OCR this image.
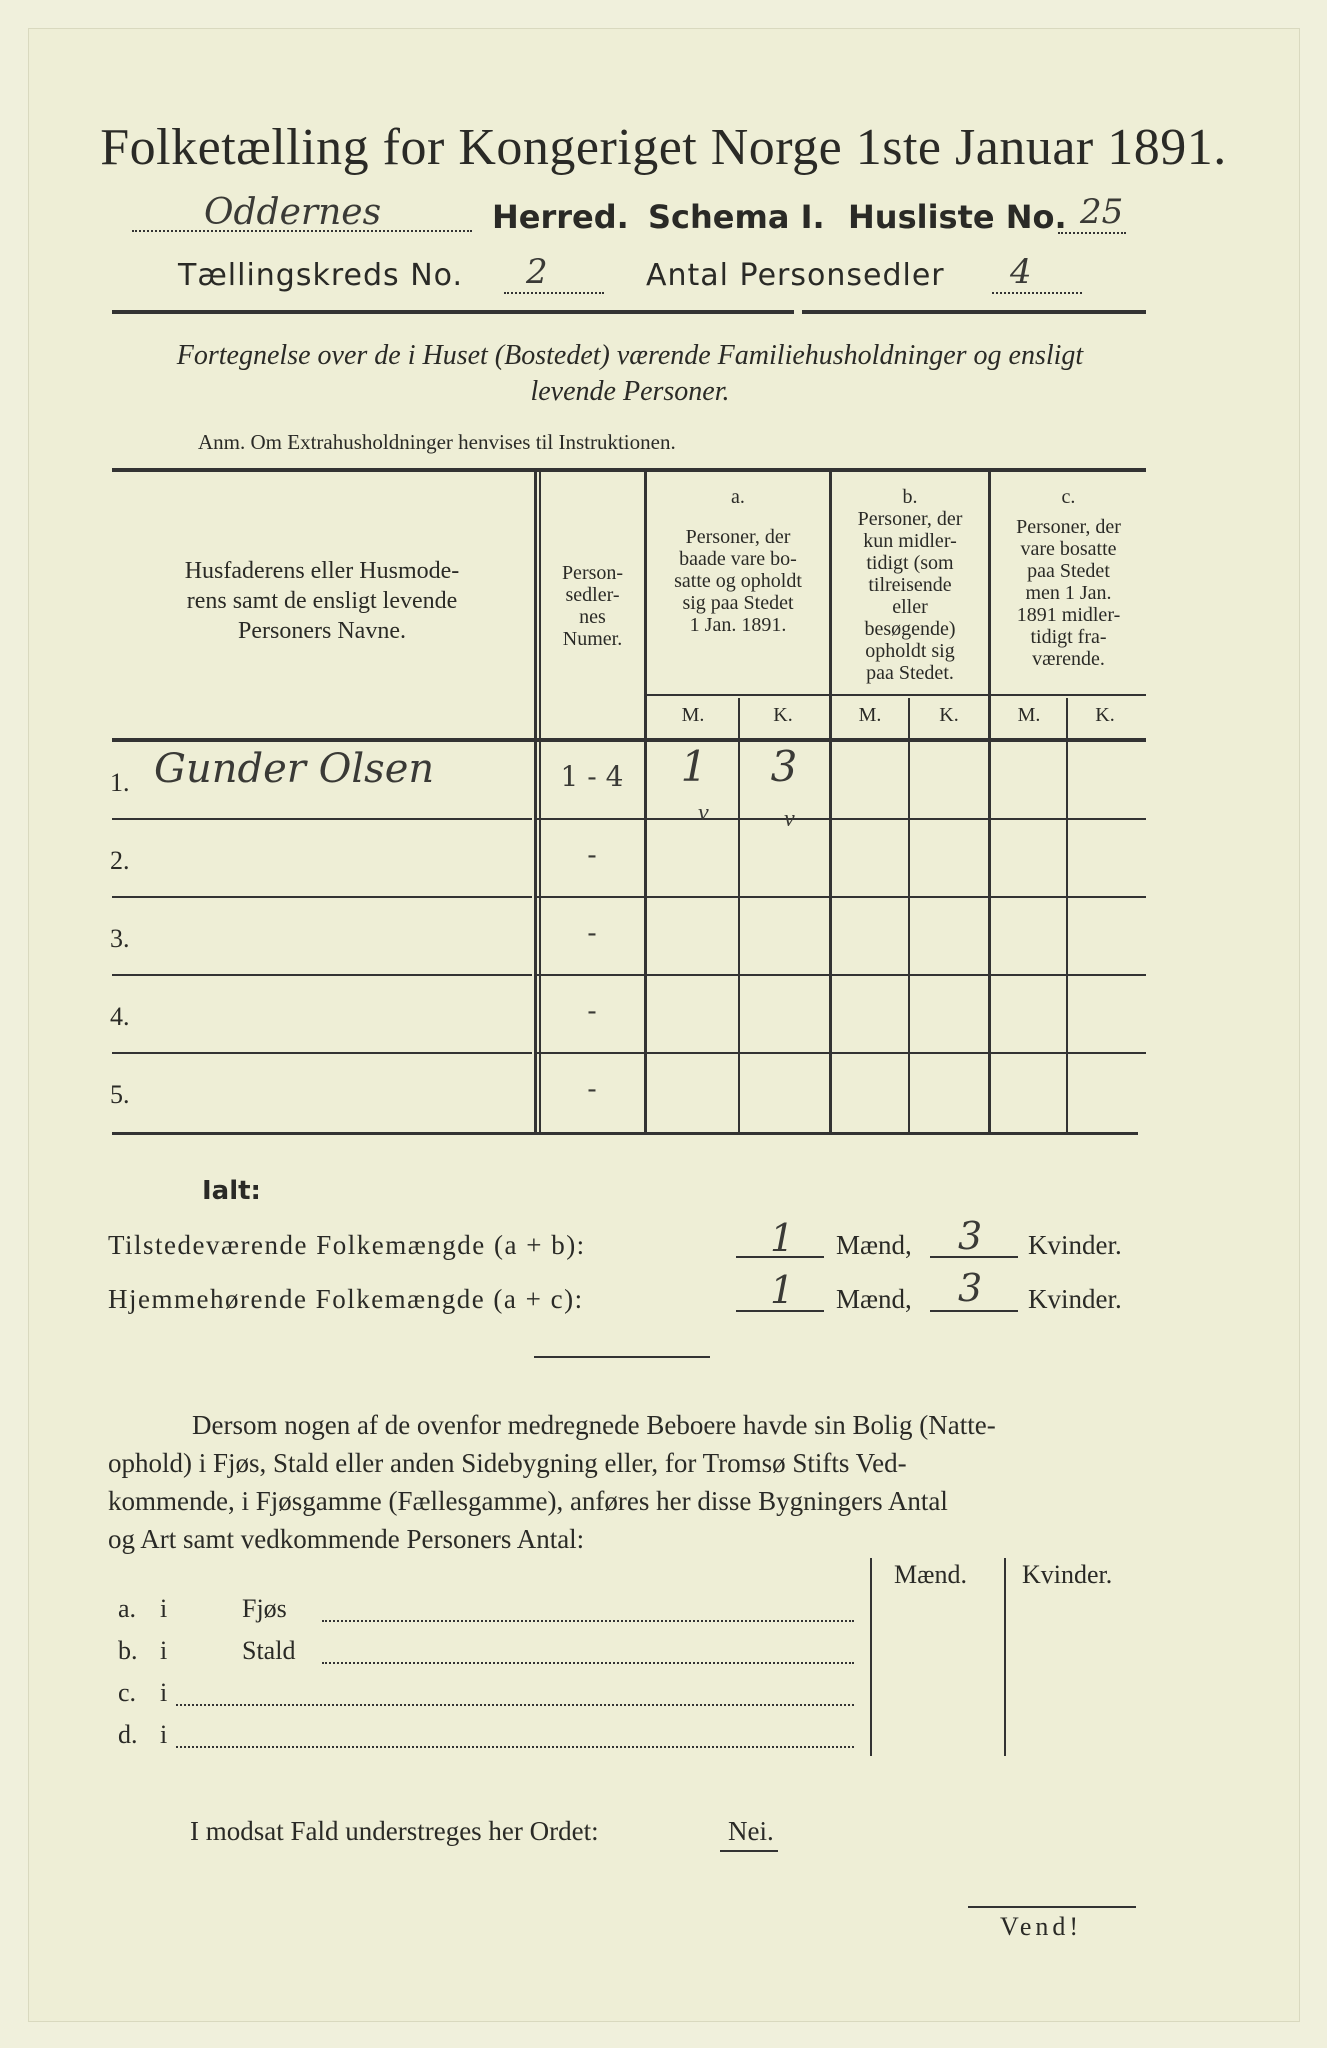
Folketælling for Kongeriget Norge 1ste Januar 1891.
Oddernes	Herred. Schema I. Husliste No. 25
Tællingskreds No. 2	Antal Personsedler 4
Fortegnelse over de i Huset (Bostedet) værende Familiehusholdninger og ensligt
levende Personer.
Anm. Om Extrahusholdninger henvises til Instruktionen.
Husfaderens eller Husmode-
rens samt de ensligt levende
Personers Navne.
Person-
sedler-
nes
Numer.
a.
Personer, der
baade vare bo-
satte og opholdt
sig paa Stedet
1 Jan. 1891.
b.
Personer, der
kun midler-
tidigt (som
tilreisende
eller
besøgende)
opholdt sig
paa Stedet.
c.
Personer, der
vare bosatte
paa Stedet
men 1 Jan.
1891 midler-
tidigt fra-
værende.
M.	K.	M.	K.	M.	K.
1. Gunder Olsen	1 - 4	1	3
2.	-
3.	-
4.	-
5.	-
v	v
Ialt:
Tilstedeværende Folkemængde (a + b):	1 Mænd, 3 Kvinder.
Hjemmehørende Folkemængde (a + c):	1 Mænd, 3 Kvinder.
Dersom nogen af de ovenfor medregnede Beboere havde sin Bolig (Natte-
ophold) i Fjøs, Stald eller anden Sidebygning eller, for Tromsø Stifts Ved-
kommende, i Fjøsgamme (Fællesgamme), anføres her disse Bygningers Antal
og Art samt vedkommende Personers Antal:
Mænd. Kvinder.
a. i	Fjøs
b. i	Stald
c. i
d. i
I modsat Fald understreges her Ordet:	Nei.
Vend!
